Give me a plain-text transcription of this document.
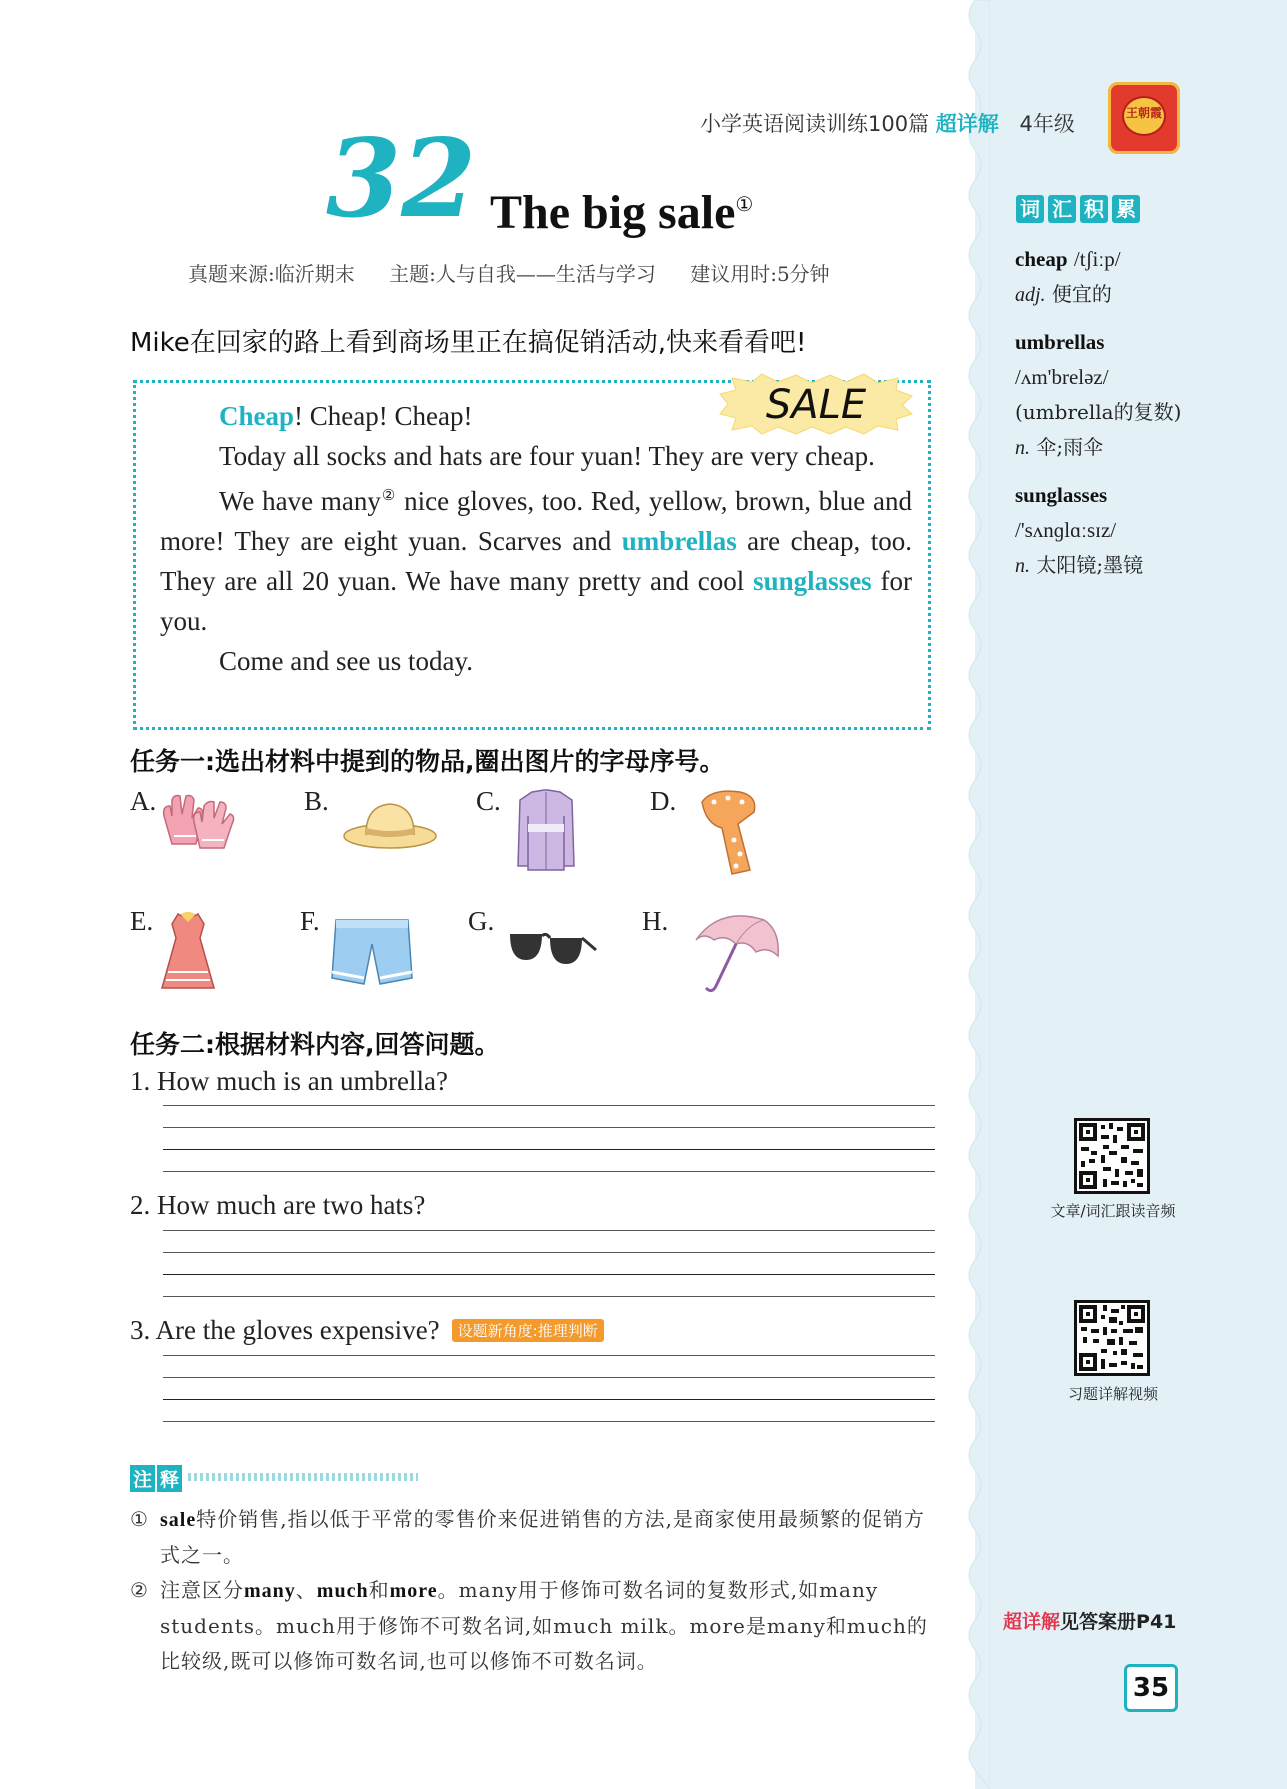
小学英语阅读训练100篇 超详解 4年级	王朝霞
32 The big sale①
真题来源:临沂期末 主题:人与自我——生活与学习 建议用时:5分钟
Mike在回家的路上看到商场里正在搞促销活动,快来看看吧!
SALE

Cheap! Cheap! Cheap!

Today all socks and hats are four yuan! They are very cheap.

We have many② nice gloves, too. Red, yellow, brown, blue and more! They are eight yuan. Scarves and umbrellas are cheap, too. They are all 20 yuan. We have many pretty and cool sunglasses for you.

Come and see us today.

任务一:选出材料中提到的物品,圈出图片的字母序号。
A.	B.	C.	D.
E.	F.	G.	H.
任务二:根据材料内容,回答问题。
1. How much is an umbrella?
2. How much are two hats?
3. Are the gloves expensive? 设题新角度:推理判断
注 释
① sale特价销售,指以低于平常的零售价来促进销售的方法,是商家使用最频繁的促销方式之一。
② 注意区分many、much和more。many用于修饰可数名词的复数形式,如many students。much用于修饰不可数名词,如much milk。more是many和much的比较级,既可以修饰可数名词,也可以修饰不可数名词。
词 汇 积 累
cheap /tʃiːp/
adj. 便宜的
umbrellas
/ʌm'breləz/
(umbrella的复数)
n. 伞;雨伞
sunglasses
/'sʌnɡlɑːsɪz/
n. 太阳镜;墨镜
文章/词汇跟读音频
习题详解视频
超详解见答案册P41
35
